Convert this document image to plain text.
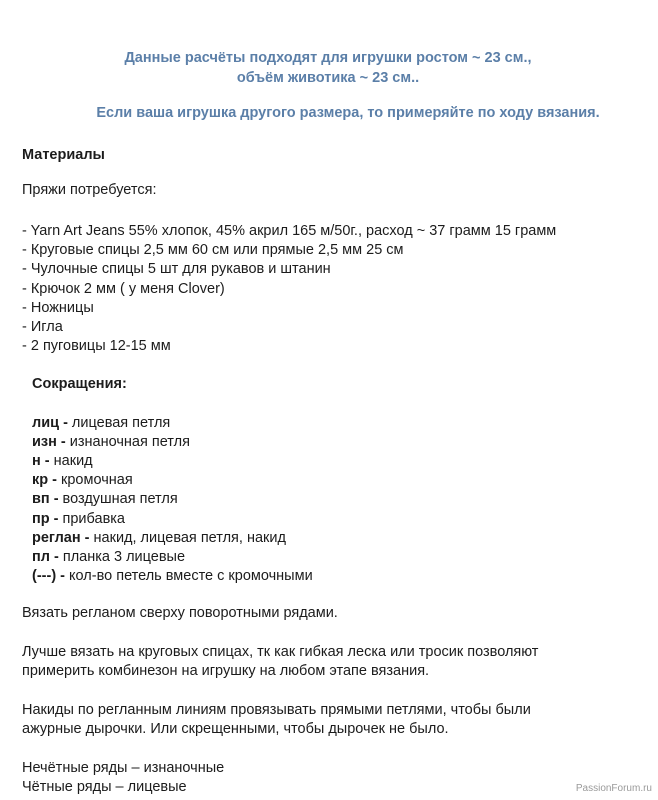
Данные расчёты подходят для игрушки ростом ~ 23 см.,
объём животика ~ 23 см..
Если ваша игрушка другого размера, то примеряйте по ходу вязания.
Материалы
Пряжи потребуется:
- Yarn Art Jeans 55% хлопок, 45% акрил 165 м/50г., расход ~ 37 грамм 15 грамм
- Круговые спицы 2,5 мм 60 см или прямые 2,5 мм 25 см
- Чулочные спицы 5 шт для рукавов и штанин
- Крючок 2 мм ( у меня Clover)
- Ножницы
- Игла
- 2 пуговицы 12-15 мм
Сокращения:
лиц - лицевая петля
изн - изнаночная петля
н - накид
кр - кромочная
вп - воздушная петля
пр - прибавка
реглан - накид, лицевая петля, накид
пл - планка 3 лицевые
(---) - кол-во петель вместе с кромочными
Вязать регланом сверху поворотными рядами.
Лучше вязать на круговых спицах, тк как гибкая леска или тросик позволяют
примерить комбинезон на игрушку на любом этапе вязания.
Накиды по регланным линиям провязывать прямыми петлями, чтобы были
ажурные дырочки. Или скрещенными, чтобы дырочек не было.
Нечётные ряды – изнаночные
Чётные ряды – лицевые	PassionForum.ru
